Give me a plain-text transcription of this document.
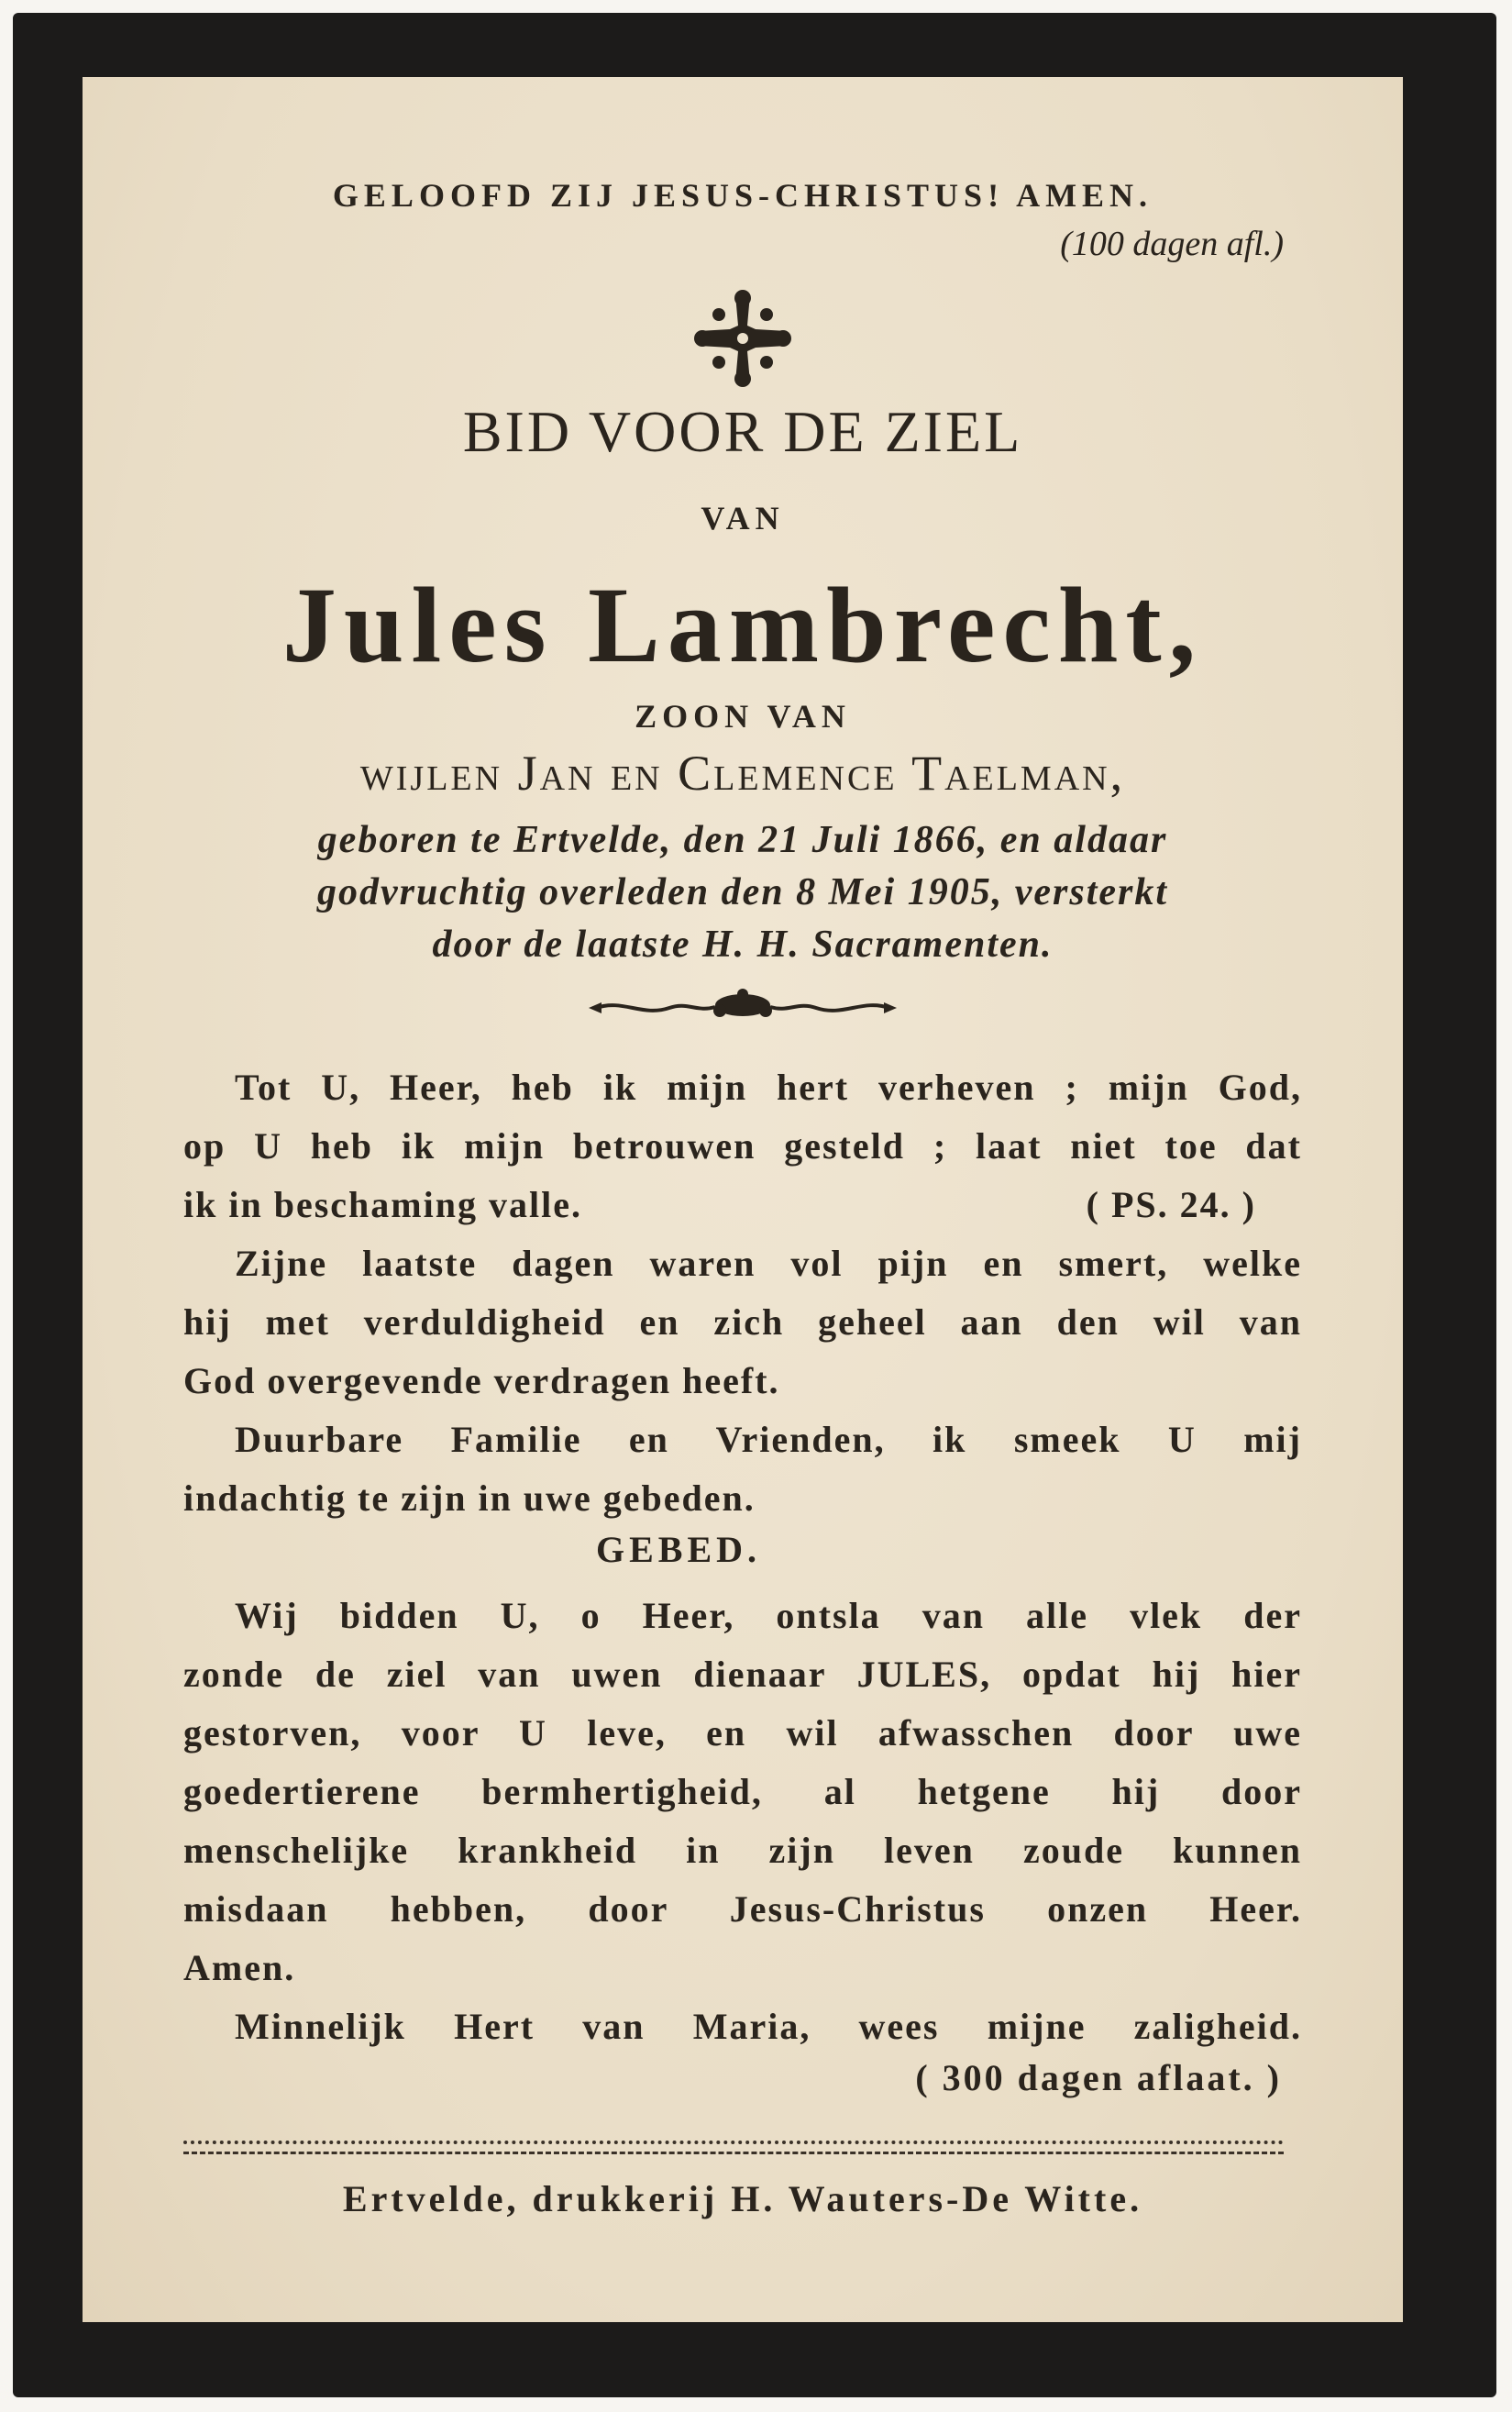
GELOOFD ZIJ JESUS-CHRISTUS! AMEN.
(100 dagen afl.)
BID VOOR DE ZIEL
VAN
Jules Lambrecht,
ZOON VAN
wijlen Jan en Clemence Taelman,
geboren te Ertvelde, den 21 Juli 1866, en aldaar
godvruchtig overleden den 8 Mei 1905, versterkt
door de laatste H. H. Sacramenten.
Tot U, Heer, heb ik mijn hert verheven ; mijn God,
op U heb ik mijn betrouwen gesteld ; laat niet toe dat
ik in beschaming valle.	( PS. 24. )
Zijne laatste dagen waren vol pijn en smert, welke
hij met verduldigheid en zich geheel aan den wil van
God overgevende verdragen heeft.
Duurbare Familie en Vrienden, ik smeek U mij
indachtig te zijn in uwe gebeden.
GEBED.
Wij bidden U, o Heer, ontsla van alle vlek der
zonde de ziel van uwen dienaar JULES, opdat hij hier
gestorven, voor U leve, en wil afwasschen door uwe
goedertierene bermhertigheid, al hetgene hij door
menschelijke krankheid in zijn leven zoude kunnen
misdaan hebben, door Jesus-Christus onzen Heer.
Amen.
Minnelijk Hert van Maria, wees mijne zaligheid.
( 300 dagen aflaat. )
Ertvelde, drukkerij H. Wauters-De Witte.
